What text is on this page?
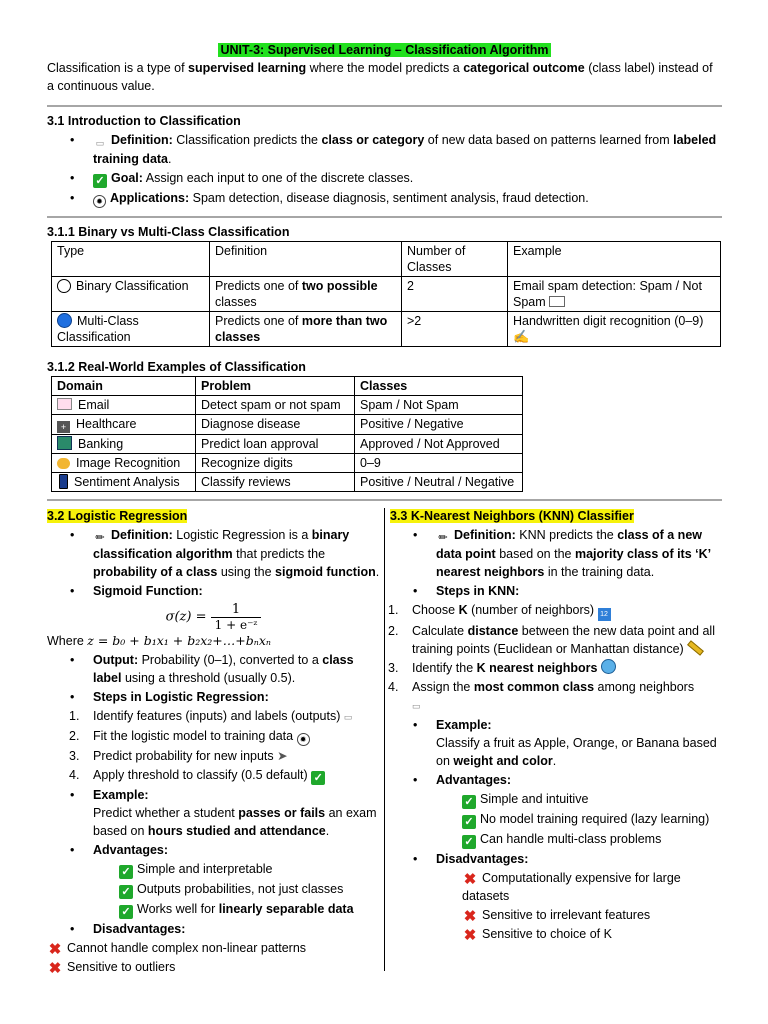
UNIT-3: Supervised Learning – Classification Algorithm

Classification is a type of supervised learning where the model predicts a categorical outcome (class label) instead of a continuous value.

3.1 Introduction to Classification
• ▭ Definition: Classification predicts the class or category of new data based on patterns learned from labeled training data.
• ✓ Goal: Assign each input to one of the discrete classes.
• ✹ Applications: Spam detection, disease diagnosis, sentiment analysis, fraud detection.
3.1.1 Binary vs Multi-Class Classification
Type	Definition	Number of Classes	Example
Binary Classification	Predicts one of two possible classes	2	Email spam detection: Spam / Not Spam
Multi-Class Classification	Predicts one of more than two classes	>2	Handwritten digit recognition (0–9)
✍
3.1.2 Real-World Examples of Classification
Domain	Problem	Classes
Email	Detect spam or not spam	Spam / Not Spam
+ Healthcare	Diagnose disease	Positive / Negative
Banking	Predict loan approval	Approved / Not Approved
Image Recognition	Recognize digits	0–9
Sentiment Analysis	Classify reviews	Positive / Neutral / Negative
3.2 Logistic Regression
• ✏ Definition: Logistic Regression is a binary classification algorithm that predicts the probability of a class using the sigmoid function.
• Sigmoid Function:
$\sigma(z) = \frac{1}{\text{1 + e⁻ᶻ}}$
Where z = b₀ + b₁x₁ + b₂x₂+…+bₙxₙ
• Output: Probability (0–1), converted to a class label using a threshold (usually 0.5).
• Steps in Logistic Regression:
1. Identify features (inputs) and labels (outputs) ▭
2. Fit the logistic model to training data ✹
3. Predict probability for new inputs ➤
4. Apply threshold to classify (0.5 default) ✓
• Example:
Predict whether a student passes or fails an exam based on hours studied and attendance.
• Advantages:
✓ Simple and interpretable
✓ Outputs probabilities, not just classes
✓ Works well for linearly separable data
• Disadvantages:
✖ Cannot handle complex non-linear patterns
✖ Sensitive to outliers
3.3 K-Nearest Neighbors (KNN) Classifier
• ✏ Definition: KNN predicts the class of a new data point based on the majority class of its ‘K’ nearest neighbors in the training data.
• Steps in KNN:
1. Choose K (number of neighbors) 12
2. Calculate distance between the new data point and all training points (Euclidean or Manhattan distance)
3. Identify the K nearest neighbors
4. Assign the most common class among neighbors
▭
• Example:
Classify a fruit as Apple, Orange, or Banana based on weight and color.
• Advantages:
✓ Simple and intuitive
✓ No model training required (lazy learning)
✓ Can handle multi-class problems
• Disadvantages:
✖ Computationally expensive for large datasets
✖ Sensitive to irrelevant features
✖ Sensitive to choice of K
